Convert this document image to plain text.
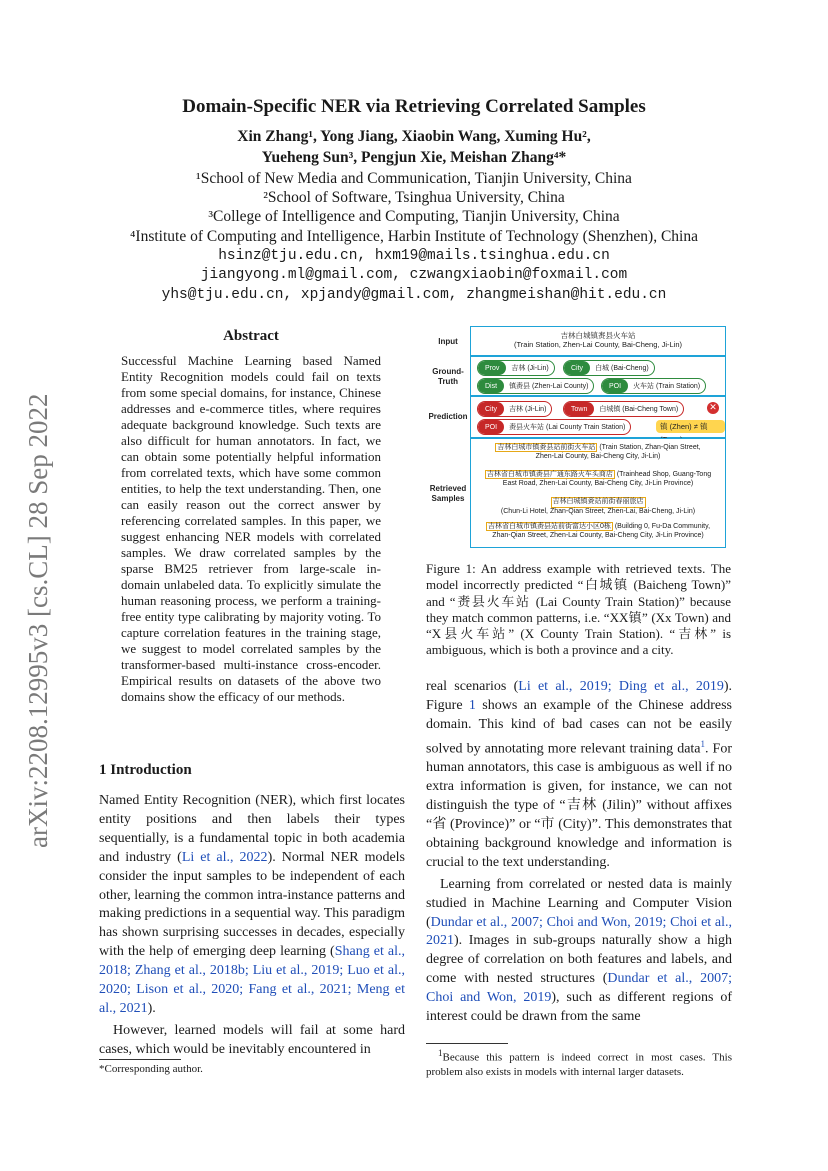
Domain-Specific NER via Retrieving Correlated Samples
Xin Zhang¹, Yong Jiang, Xiaobin Wang, Xuming Hu²,
Yueheng Sun³, Pengjun Xie, Meishan Zhang⁴*
¹School of New Media and Communication, Tianjin University, China
²School of Software, Tsinghua University, China
³College of Intelligence and Computing, Tianjin University, China
⁴Institute of Computing and Intelligence, Harbin Institute of Technology (Shenzhen), China
hsinz@tju.edu.cn, hxm19@mails.tsinghua.edu.cn
jiangyong.ml@gmail.com, czwangxiaobin@foxmail.com
yhs@tju.edu.cn, xpjandy@gmail.com, zhangmeishan@hit.edu.cn
arXiv:2208.12995v3 [cs.CL] 28 Sep 2022
Abstract
Successful Machine Learning based Named Entity Recognition models could fail on texts from some special domains, for instance, Chinese addresses and e-commerce titles, where requires adequate background knowledge. Such texts are also difficult for human annotators. In fact, we can obtain some potentially helpful information from correlated texts, which have some common entities, to help the text understanding. Then, one can easily reason out the correct answer by referencing correlated samples. In this paper, we suggest enhancing NER models with correlated samples. We draw correlated samples by the sparse BM25 retriever from large-scale in-domain unlabeled data. To explicitly simulate the human reasoning process, we perform a training-free entity type calibrating by majority voting. To capture correlation features in the training stage, we suggest to model correlated samples by the transformer-based multi-instance cross-encoder. Empirical results on datasets of the above two domains show the efficacy of our methods.
1 Introduction

Named Entity Recognition (NER), which first locates entity positions and then labels their types sequentially, is a fundamental topic in both academia and industry (Li et al., 2022). Normal NER models consider the input samples to be independent of each other, learning the common intra-instance patterns and making predictions in a sequential way. This paradigm has shown surprising successes in decades, especially with the help of emerging deep learning (Shang et al., 2018; Zhang et al., 2018b; Liu et al., 2019; Luo et al., 2020; Lison et al., 2020; Fang et al., 2021; Meng et al., 2021).

However, learned models will fail at some hard cases, which would be inevitably encountered in

*Corresponding author.
Input
吉林白城镇赉县火车站
(Train Station, Zhen-Lai County, Bai-Cheng, Ji-Lin)
Ground-
Truth
Prov	吉林 (Ji-Lin)	City	白城 (Bai-Cheng)
Dist	镇赉县 (Zhen-Lai County)	POI	火车站 (Train Station)
Prediction
City	吉林 (Ji-Lin)	Town	白城镇 (Bai-Cheng Town)	✕
POI	赉县火车站 (Lai County Train Station)	镇 (Zhen) ≠ 镇
Retrieved
Samples
吉林白城市镇赉县站前街火车站 (Train Station, Zhan-Qian Street,
Zhen-Lai County, Bai-Cheng City, Ji-Lin)
吉林省白城市镇赉县广通东路火车头商店 (Trainhead Shop, Guang-Tong
East Road, Zhen-Lai County, Bai-Cheng City, Ji-Lin Province)
吉林白城镇赉站前街春丽旅店
(Chun-Li Hotel, Zhan-Qian Street, Zhen-Lai, Bai-Cheng, Ji-Lin)
吉林省白城市镇赉县站前街富达小区0栋 (Building 0, Fu-Da Community,
Zhan-Qian Street, Zhen-Lai County, Bai-Cheng City, Ji-Lin Province)
Figure 1: An address example with retrieved texts. The model incorrectly predicted “白城镇 (Baicheng Town)” and “赉县火车站 (Lai County Train Station)” because they match common patterns, i.e. “XX镇” (Xx Town) and “X县火车站” (X County Train Station). “吉林” is ambiguous, which is both a province and a city.

real scenarios (Li et al., 2019; Ding et al., 2019). Figure 1 shows an example of the Chinese address domain. This kind of bad cases can not be easily solved by annotating more relevant training data$^1$. For human annotators, this case is ambiguous as well if no extra information is given, for instance, we can not distinguish the type of “吉林 (Jilin)” without affixes “省 (Province)” or “市 (City)”. This demonstrates that obtaining background knowledge and information is crucial to the text understanding.

Learning from correlated or nested data is mainly studied in Machine Learning and Computer Vision (Dundar et al., 2007; Choi and Won, 2019; Choi et al., 2021). Images in sub-groups naturally show a high degree of correlation on both features and labels, and come with nested structures (Dundar et al., 2007; Choi and Won, 2019), such as different regions of interest could be drawn from the same

$^1$Because this pattern is indeed correct in most cases. This problem also exists in models with internal larger datasets.
